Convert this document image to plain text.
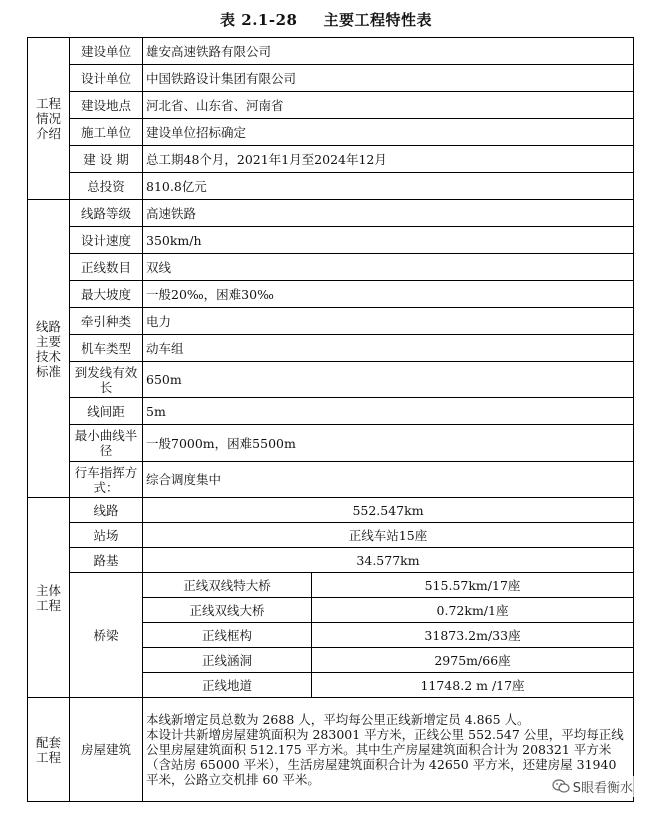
表 2.1-28 主要工程特性表
工程情况介绍	建设单位	雄安高速铁路有限公司	
	设计单位	中国铁路设计集团有限公司	
	建设地点	河北省、山东省、河南省	
	施工单位	建设单位招标确定	
	建 设 期	总工期48个月，2021年1月至2024年12月	
	总投资	810.8亿元	
线路主要技术标准	线路等级	高速铁路	
	设计速度	350km/h	
	正线数目	双线	
	最大坡度	一般20‰，困难30‰	
	牵引种类	电力	
	机车类型	动车组	
	到发线有效长	650m	
	线间距	5m	
	最小曲线半径	一般7000m，困难5500m	
	行车指挥方式：	综合调度集中	
主体工程	线路	552.547km	
	站场	正线车站15座	
	路基	34.577km	
	桥梁	正线双线特大桥	515.57km/17座
		正线双线大桥	0.72km/1座
		正线框构	31873.2m/33座
		正线涵洞	2975m/66座
		正线地道	11748.2 m /17座
配套工程	房屋建筑	本线新增定员总数为 2688 人，平均每公里正线新增定员 4.865 人。

本设计共新增房屋建筑面积为 283001 平方米，正线公里 552.547 公里，平均每正线公里房屋建筑面积 512.175 平方米。其中生产房屋建筑面积合计为 208321 平方米（含站房 65000 平米），生活房屋建筑面积合计为 42650 平方米，还建房屋 31940 平米，公路立交机排 60 平米。	

S眼看衡水
